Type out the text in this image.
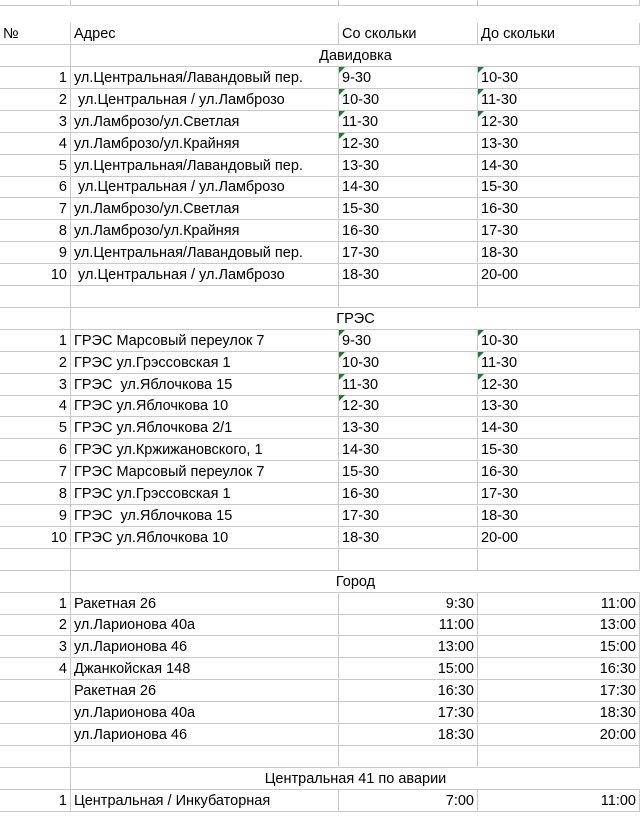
№	Адрес	Со скольки	До скольки
Давидовка
1 ул.Центральная/Лавандовый пер.	9-30	10-30
2 ул.Центральная / ул.Ламброзо	10-30	11-30
3 ул.Ламброзо/ул.Светлая	11-30	12-30
4 ул.Ламброзо/ул.Крайняя	12-30	13-30
5 ул.Центральная/Лавандовый пер.	13-30	14-30
6 ул.Центральная / ул.Ламброзо	14-30	15-30
7 ул.Ламброзо/ул.Светлая	15-30	16-30
8 ул.Ламброзо/ул.Крайняя	16-30	17-30
9 ул.Центральная/Лавандовый пер.	17-30	18-30
10 ул.Центральная / ул.Ламброзо	18-30	20-00
ГРЭС
1 ГРЭС Марсовый переулок 7	9-30	10-30
2 ГРЭС ул.Грэссовская 1	10-30	11-30
3 ГРЭС  ул.Яблочкова 15	11-30	12-30
4 ГРЭС ул.Яблочкова 10	12-30	13-30
5 ГРЭС ул.Яблочкова 2/1	13-30	14-30
6 ГРЭС ул.Кржижановского, 1	14-30	15-30
7 ГРЭС Марсовый переулок 7	15-30	16-30
8 ГРЭС ул.Грэссовская 1	16-30	17-30
9 ГРЭС  ул.Яблочкова 15	17-30	18-30
10 ГРЭС ул.Яблочкова 10	18-30	20-00
Город
1 Ракетная 26	9:30	11:00
2 ул.Ларионова 40а	11:00	13:00
3 ул.Ларионова 46	13:00	15:00
4 Джанкойская 148	15:00	16:30
Ракетная 26	16:30	17:30
ул.Ларионова 40а	17:30	18:30
ул.Ларионова 46	18:30	20:00
Центральная 41 по аварии
1 Центральная / Инкубаторная	7:00	11:00
